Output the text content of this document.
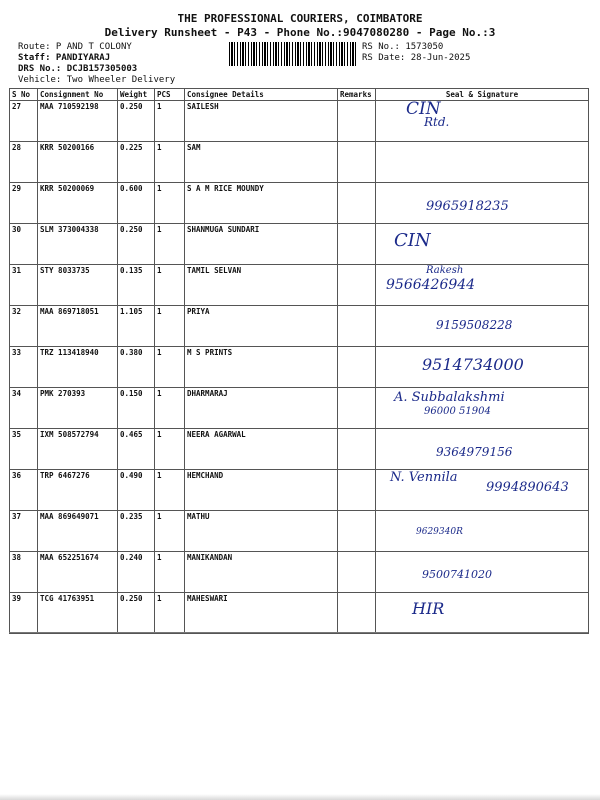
THE PROFESSIONAL COURIERS, COIMBATORE
Delivery Runsheet - P43 - Phone No.:9047080280 - Page No.:3
Route: P AND T COLONY
Staff: PANDIYARAJ
DRS No.: DCJB157305003
Vehicle: Two Wheeler Delivery
RS No.: 1573050
RS Date: 28-Jun-2025
S No	Consignment No	Weight	PCS	Consignee Details	Remarks	Seal & Signature
27	MAA 710592198	0.250	1	SAILESH		CIN
Rtd.

28	KRR 50200166	0.225	1	SAM		

29	KRR 50200069	0.600	1	S A M RICE MOUNDY		9965918235

30	SLM 373004338	0.250	1	SHANMUGA SUNDARI		CIN

31	STY 8033735	0.135	1	TAMIL SELVAN		Rakesh
9566426944

32	MAA 869718051	1.105	1	PRIYA		9159508228

33	TRZ 113418940	0.380	1	M S PRINTS		9514734000

34	PMK 270393	0.150	1	DHARMARAJ		A. Subbalakshmi
96000 51904

35	IXM 508572794	0.465	1	NEERA AGARWAL		9364979156

36	TRP 6467276	0.490	1	HEMCHAND		N. Vennila
9994890643

37	MAA 869649071	0.235	1	MATHU		9629340R

38	MAA 652251674	0.240	1	MANIKANDAN		9500741020

39	TCG 41763951	0.250	1	MAHESWARI		HIR
